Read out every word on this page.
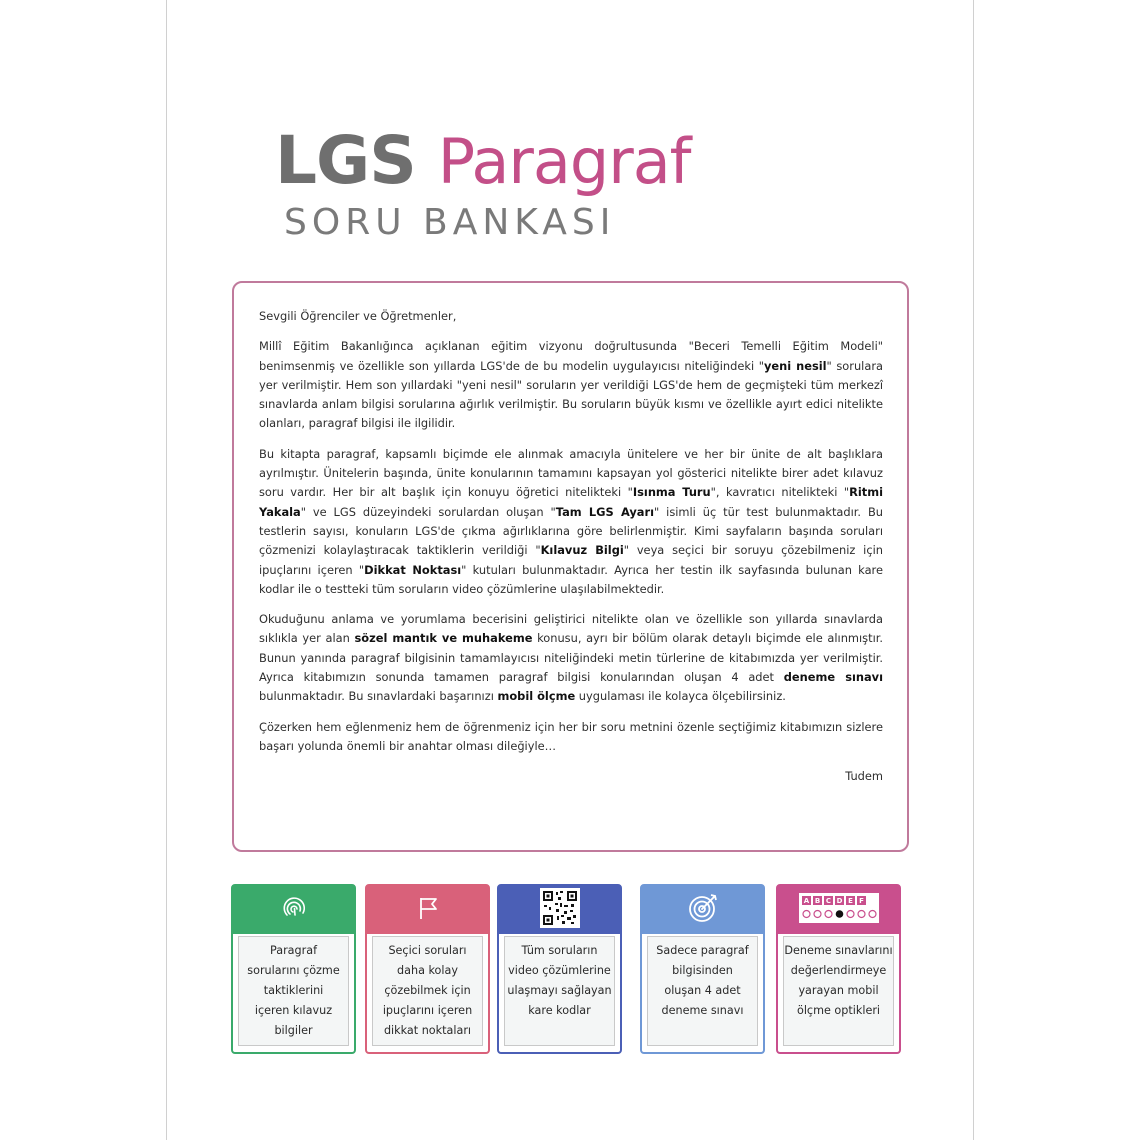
LGS Paragraf
SORU BANKASI

Sevgili Öğrenciler ve Öğretmenler,

Millî Eğitim Bakanlığınca açıklanan eğitim vizyonu doğrultusunda "Beceri Temelli Eğitim Modeli" benimsenmiş ve özellikle son yıllarda LGS'de de bu modelin uygulayıcısı niteliğindeki "yeni nesil" sorulara yer verilmiştir. Hem son yıllardaki "yeni nesil" soruların yer verildiği LGS'de hem de geçmişteki tüm merkezî sınavlarda anlam bilgisi sorularına ağırlık verilmiştir. Bu soruların büyük kısmı ve özellikle ayırt edici nitelikte olanları, paragraf bilgisi ile ilgilidir.

Bu kitapta paragraf, kapsamlı biçimde ele alınmak amacıyla ünitelere ve her bir ünite de alt başlıklara ayrılmıştır. Ünitelerin başında, ünite konularının tamamını kapsayan yol gösterici nitelikte birer adet kılavuz soru vardır. Her bir alt başlık için konuyu öğretici nitelikteki "Isınma Turu", kavratıcı nitelikteki "Ritmi Yakala" ve LGS düzeyindeki sorulardan oluşan "Tam LGS Ayarı" isimli üç tür test bulunmaktadır. Bu testlerin sayısı, konuların LGS'de çıkma ağırlıklarına göre belirlenmiştir. Kimi sayfaların başında soruları çözmenizi kolaylaştıracak taktiklerin verildiği "Kılavuz Bilgi" veya seçici bir soruyu çözebilmeniz için ipuçlarını içeren "Dikkat Noktası" kutuları bulunmaktadır. Ayrıca her testin ilk sayfasında bulunan kare kodlar ile o testteki tüm soruların video çözümlerine ulaşılabilmektedir.

Okuduğunu anlama ve yorumlama becerisini geliştirici nitelikte olan ve özellikle son yıllarda sınavlarda sıklıkla yer alan sözel mantık ve muhakeme konusu, ayrı bir bölüm olarak detaylı biçimde ele alınmıştır. Bunun yanında paragraf bilgisinin tamamlayıcısı niteliğindeki metin türlerine de kitabımızda yer verilmiştir. Ayrıca kitabımızın sonunda tamamen paragraf bilgisi konularından oluşan 4 adet deneme sınavı bulunmaktadır. Bu sınavlardaki başarınızı mobil ölçme uygulaması ile kolayca ölçebilirsiniz.

Çözerken hem eğlenmeniz hem de öğrenmeniz için her bir soru metnini özenle seçtiğimiz kitabımızın sizlere başarı yolunda önemli bir anahtar olması dileğiyle…

Tudem
Paragraf
sorularını çözme
taktiklerini
içeren kılavuz
bilgiler
Seçici soruları
daha kolay
çözebilmek için
ipuçlarını içeren
dikkat noktaları
Tüm soruların
video çözümlerine
ulaşmayı sağlayan
kare kodlar
Sadece paragraf
bilgisinden
oluşan 4 adet
deneme sınavı
A B C D E F
Deneme sınavlarını
değerlendirmeye
yarayan mobil
ölçme optikleri
